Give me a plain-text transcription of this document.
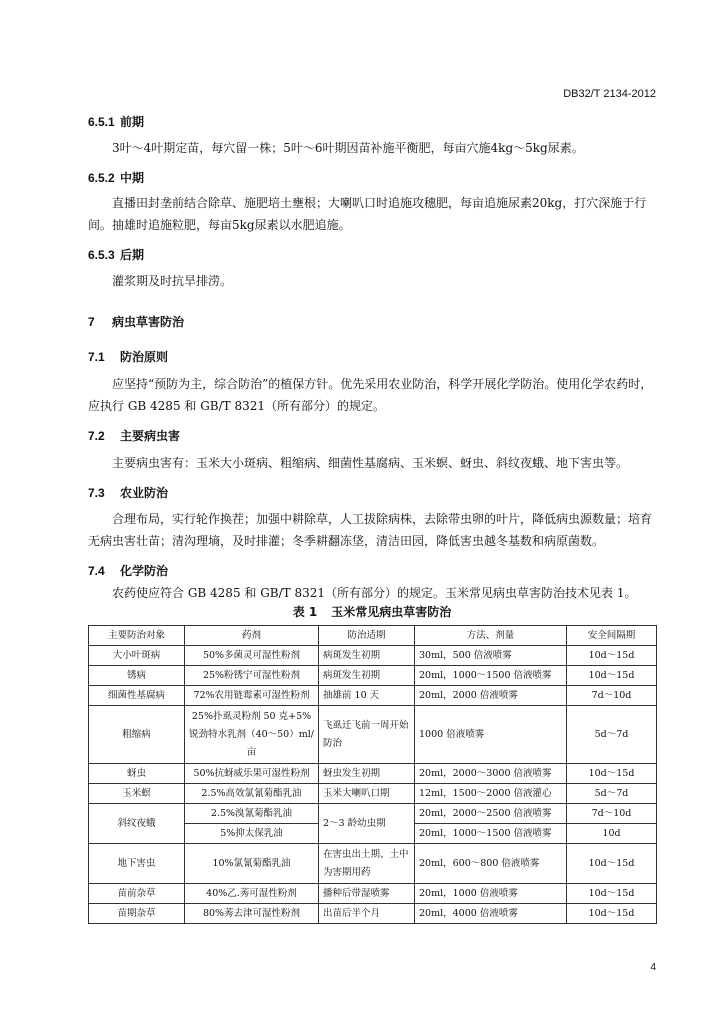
DB32/T 2134-2012
6.5.1 前期
3叶～4叶期定苗，每穴留一株；5叶～6叶期因苗补施平衡肥，每亩穴施4kg～5kg尿素。
6.5.2 中期
直播田封垄前结合除草、施肥培土壅根；大喇叭口时追施攻穗肥，每亩追施尿素20kg，打穴深施于行间。抽雄时追施粒肥，每亩5kg尿素以水肥追施。
6.5.3 后期
灌浆期及时抗旱排涝。
7 病虫草害防治
7.1 防治原则
应坚持“预防为主，综合防治”的植保方针。优先采用农业防治，科学开展化学防治。使用化学农药时，应执行 GB 4285 和 GB/T 8321（所有部分）的规定。
7.2 主要病虫害
主要病虫害有：玉米大小斑病、粗缩病、细菌性基腐病、玉米螟、蚜虫、斜纹夜蛾、地下害虫等。
7.3 农业防治
合理布局，实行轮作换茬；加强中耕除草，人工拔除病株，去除带虫卵的叶片，降低病虫源数量；培育无病虫害壮苗；清沟理墒，及时排灌；冬季耕翻冻垡，清洁田园，降低害虫越冬基数和病原菌数。
7.4 化学防治
农药使应符合 GB 4285 和 GB/T 8321（所有部分）的规定。玉米常见病虫草害防治技术见表 1。
表 1 玉米常见病虫草害防治
主要防治对象	药剂	防治适期	方法、剂量	安全间隔期
大小叶斑病	50%多菌灵可湿性粉剂	病斑发生初期	30ml，500 倍液喷雾	10d～15d
锈病	25%粉锈宁可湿性粉剂	病斑发生初期	20ml，1000～1500 倍液喷雾	10d～15d
细菌性基腐病	72%农用链霉素可湿性粉剂	抽雄前 10 天	20ml，2000 倍液喷雾	7d～10d
粗缩病	25%扑虱灵粉剂 50 克+5%锐劲特水乳剂（40～50）ml/亩	飞虱迁飞前一周开始防治	1000 倍液喷雾	5d～7d
蚜虫	50%抗蚜威乐果可湿性粉剂	蚜虫发生初期	20ml，2000～3000 倍液喷雾	10d～15d
玉米螟	2.5%高效氯氰菊酯乳油	玉米大喇叭口期	12ml，1500～2000 倍液灌心	5d～7d
斜纹夜蛾	2.5%溴氰菊酯乳油	2～3 龄幼虫期	20ml，2000～2500 倍液喷雾	7d～10d
	5%抑太保乳油		20ml，1000～1500 倍液喷雾	10d
地下害虫	10%氯氰菊酯乳油	在害虫出土期、土中为害期用药	20ml，600～800 倍液喷雾	10d～15d
苗前杂草	40%乙.莠可湿性粉剂	播种后带湿喷雾	20ml，1000 倍液喷雾	10d～15d
苗期杂草	80%莠去津可湿性粉剂	出苗后半个月	20ml，4000 倍液喷雾	10d～15d
4
